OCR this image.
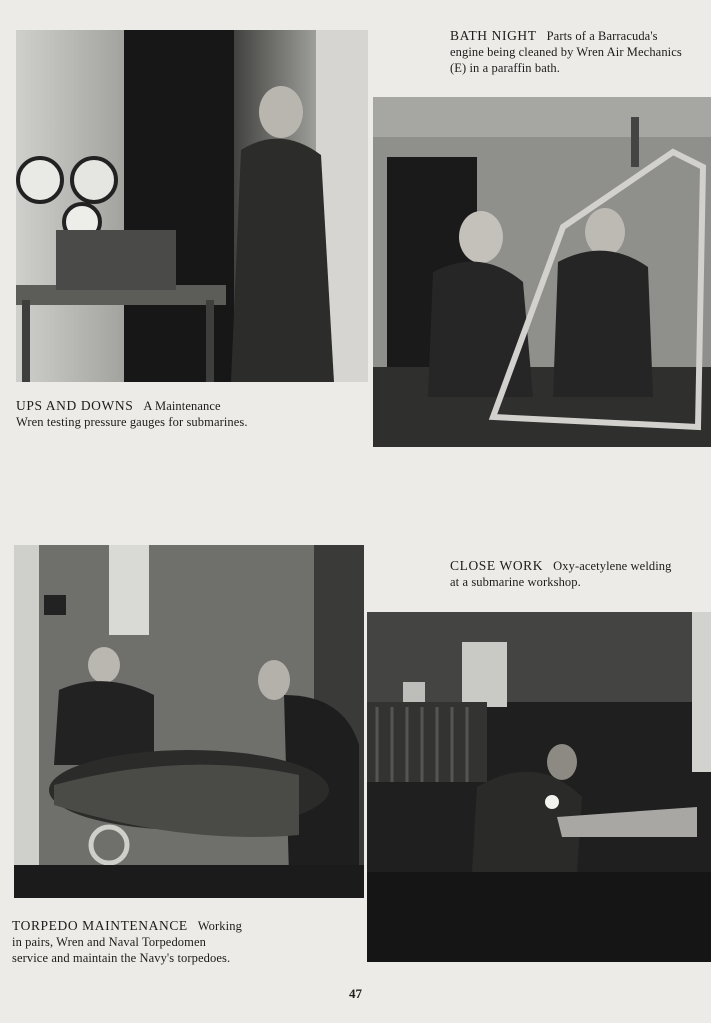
UPS AND DOWNS A Maintenance
Wren testing pressure gauges for submarines.
BATH NIGHT Parts of a Barracuda's
engine being cleaned by Wren Air Mechanics
(E) in a paraffin bath.
TORPEDO MAINTENANCE Working
in pairs, Wren and Naval Torpedomen
service and maintain the Navy's torpedoes.
CLOSE WORK Oxy-acetylene welding
at a submarine workshop.
47
